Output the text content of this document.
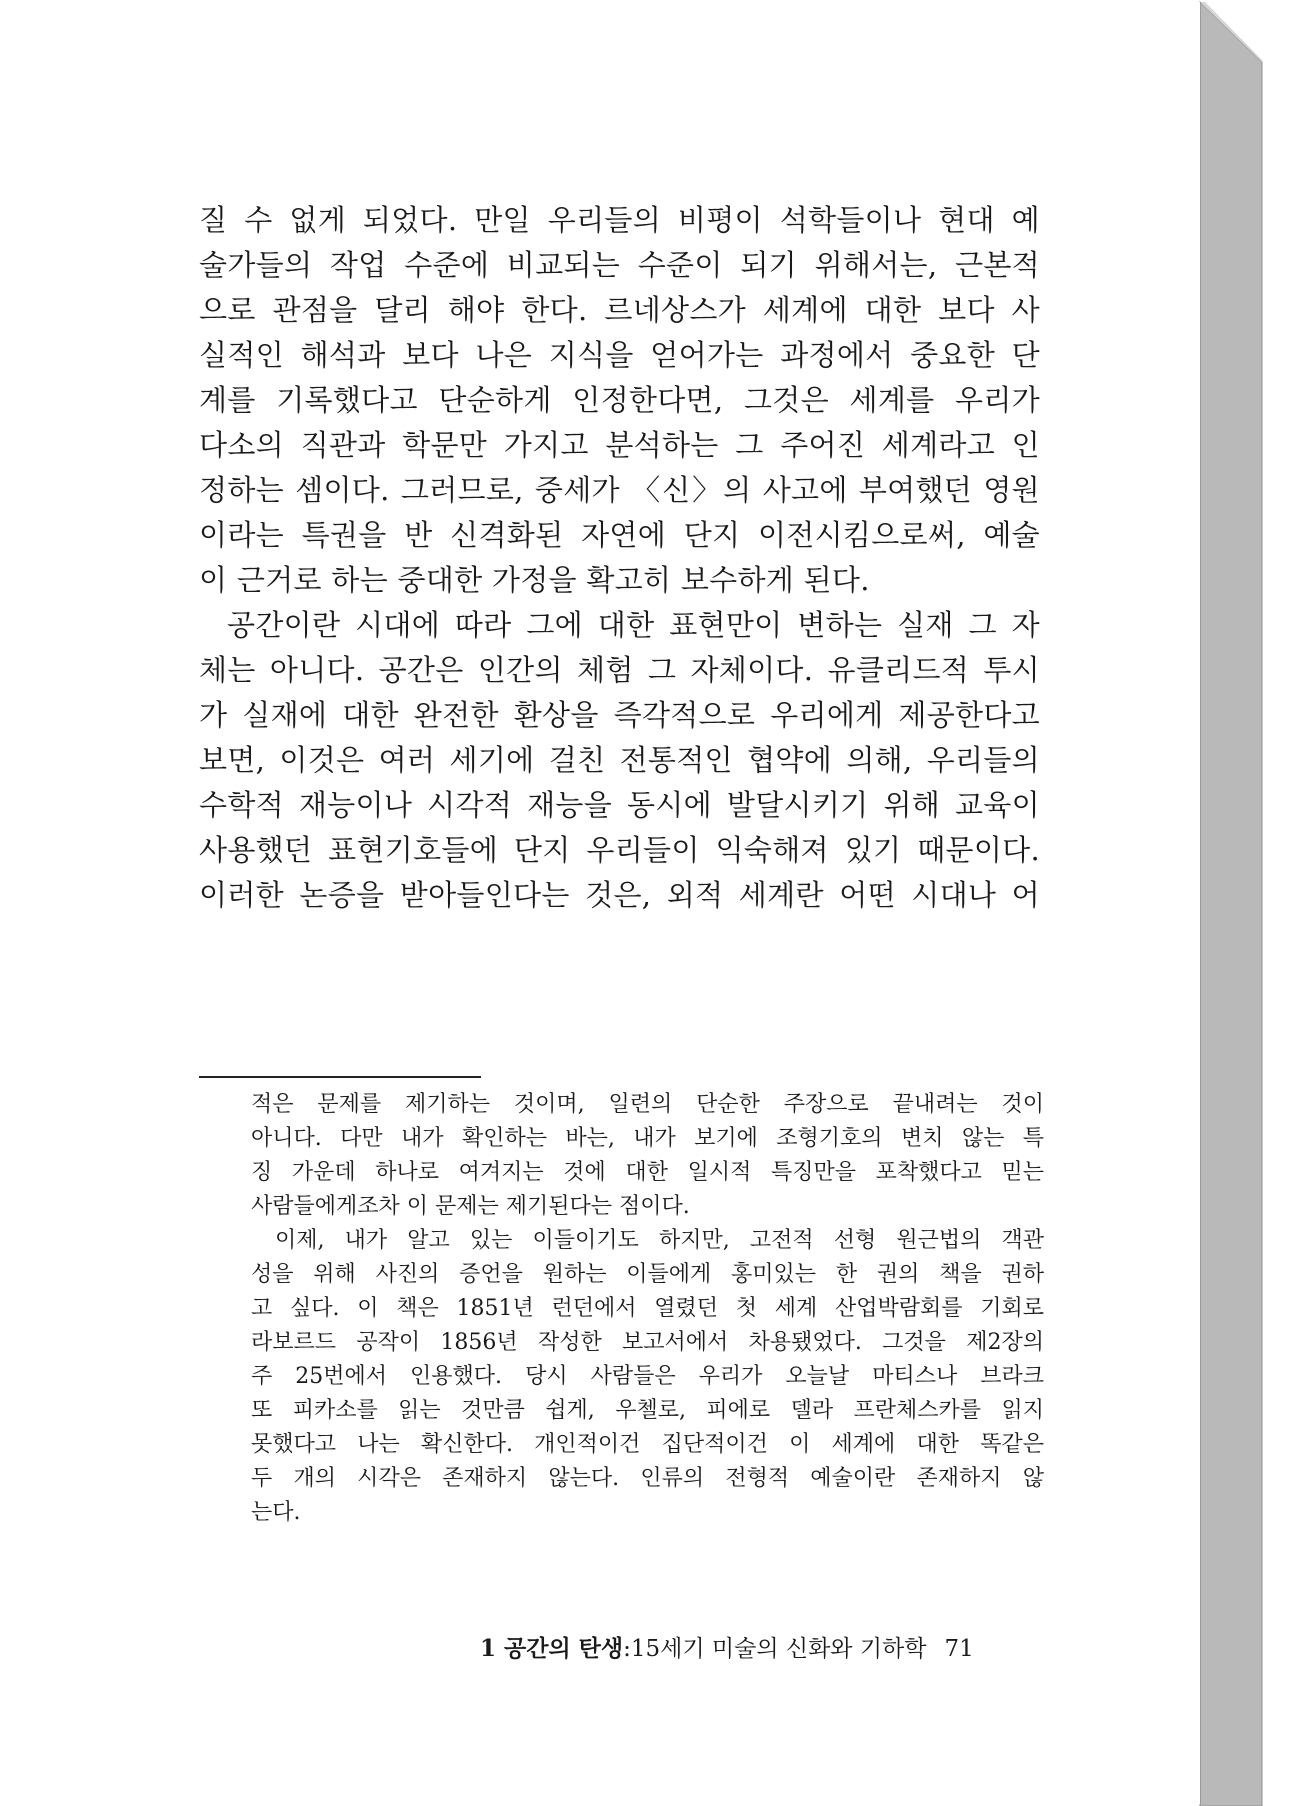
질 수 없게 되었다. 만일 우리들의 비평이 석학들이나 현대 예
술가들의 작업 수준에 비교되는 수준이 되기 위해서는, 근본적
으로 관점을 달리 해야 한다. 르네상스가 세계에 대한 보다 사
실적인 해석과 보다 나은 지식을 얻어가는 과정에서 중요한 단
계를 기록했다고 단순하게 인정한다면, 그것은 세계를 우리가
다소의 직관과 학문만 가지고 분석하는 그 주어진 세계라고 인
정하는 셈이다. 그러므로, 중세가 〈신〉의 사고에 부여했던 영원
이라는 특권을 반 신격화된 자연에 단지 이전시킴으로써, 예술
이 근거로 하는 중대한 가정을 확고히 보수하게 된다.
공간이란 시대에 따라 그에 대한 표현만이 변하는 실재 그 자
체는 아니다. 공간은 인간의 체험 그 자체이다. 유클리드적 투시
가 실재에 대한 완전한 환상을 즉각적으로 우리에게 제공한다고
보면, 이것은 여러 세기에 걸친 전통적인 협약에 의해, 우리들의
수학적 재능이나 시각적 재능을 동시에 발달시키기 위해 교육이
사용했던 표현기호들에 단지 우리들이 익숙해져 있기 때문이다.
이러한 논증을 받아들인다는 것은, 외적 세계란 어떤 시대나 어
적은 문제를 제기하는 것이며, 일련의 단순한 주장으로 끝내려는 것이
아니다. 다만 내가 확인하는 바는, 내가 보기에 조형기호의 변치 않는 특
징 가운데 하나로 여겨지는 것에 대한 일시적 특징만을 포착했다고 믿는
사람들에게조차 이 문제는 제기된다는 점이다.
이제, 내가 알고 있는 이들이기도 하지만, 고전적 선형 원근법의 객관
성을 위해 사진의 증언을 원하는 이들에게 홍미있는 한 권의 책을 권하
고 싶다. 이 책은 1851년 런던에서 열렸던 첫 세계 산업박람회를 기회로
라보르드 공작이 1856년 작성한 보고서에서 차용됐었다. 그것을 제2장의
주 25번에서 인용했다. 당시 사람들은 우리가 오늘날 마티스나 브라크
또 피카소를 읽는 것만큼 쉽게, 우첼로, 피에로 델라 프란체스카를 읽지
못했다고 나는 확신한다. 개인적이건 집단적이건 이 세계에 대한 똑같은
두 개의 시각은 존재하지 않는다. 인류의 전형적 예술이란 존재하지 않
는다.
1 공간의 탄생:15세기 미술의 신화와 기하학 71
